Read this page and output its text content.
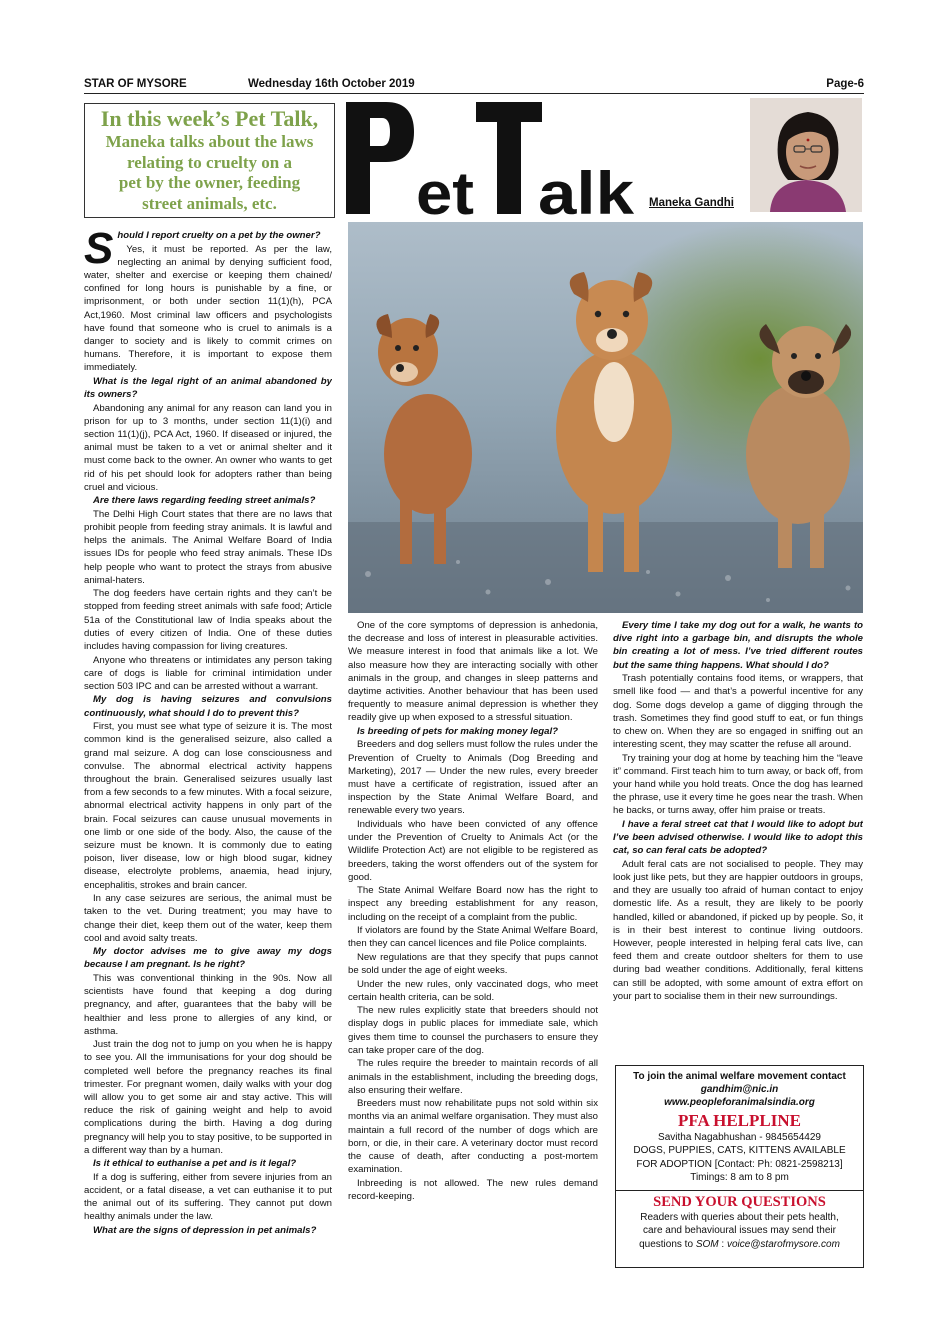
STAR OF MYSORE	Wednesday 16th October 2019	Page-6
In this week’s Pet Talk,
Maneka talks about the laws
relating to cruelty on a
pet by the owner, feeding
street animals, etc.	et alk Maneka Gandhi

Should I report cruelty on a pet by the owner?

Yes, it must be reported. As per the law, neglecting an animal by denying sufficient food, water, shelter and exercise or keeping them chained/ confined for long hours is punishable by a fine, or imprisonment, or both under section 11(1)(h), PCA Act,1960. Most criminal law officers and psychologists have found that someone who is cruel to animals is a danger to society and is likely to commit crimes on humans. Therefore, it is important to expose them immediately.

What is the legal right of an animal abandoned by its owners?

Abandoning any animal for any reason can land you in prison for up to 3 months, under section 11(1)(i) and section 11(1)(j), PCA Act, 1960. If diseased or injured, the animal must be taken to a vet or animal shelter and it must come back to the owner. An owner who wants to get rid of his pet should look for adopters rather than being cruel and vicious.

Are there laws regarding feeding street animals?

The Delhi High Court states that there are no laws that prohibit people from feeding stray animals. It is lawful and helps the animals. The Animal Welfare Board of India issues IDs for people who feed stray animals. These IDs help people who want to protect the strays from abusive animal-haters.

The dog feeders have certain rights and they can’t be stopped from feeding street animals with safe food; Article 51a of the Constitutional law of India speaks about the duties of every citizen of India. One of these duties includes having compassion for living creatures.

Anyone who threatens or intimidates any person taking care of dogs is liable for criminal intimidation under section 503 IPC and can be arrested without a warrant.

My dog is having seizures and convulsions continuously, what should I do to prevent this?

First, you must see what type of seizure it is. The most common kind is the generalised seizure, also called a grand mal seizure. A dog can lose consciousness and convulse. The abnormal electrical activity happens throughout the brain. Generalised seizures usually last from a few seconds to a few minutes. With a focal seizure, abnormal electrical activity happens in only part of the brain. Focal seizures can cause unusual movements in one limb or one side of the body. Also, the cause of the seizure must be known. It is commonly due to eating poison, liver disease, low or high blood sugar, kidney disease, electrolyte problems, anaemia, head injury, encephalitis, strokes and brain cancer.

In any case seizures are serious, the animal must be taken to the vet. During treatment; you may have to change their diet, keep them out of the water, keep them cool and avoid salty treats.

My doctor advises me to give away my dogs because I am pregnant. Is he right?

This was conventional thinking in the 90s. Now all scientists have found that keeping a dog during pregnancy, and after, guarantees that the baby will be healthier and less prone to allergies of any kind, or asthma.

Just train the dog not to jump on you when he is happy to see you. All the immunisations for your dog should be completed well before the pregnancy reaches its final trimester. For pregnant women, daily walks with your dog will allow you to get some air and stay active. This will reduce the risk of gaining weight and help to avoid complications during the birth. Having a dog during pregnancy will help you to stay positive, to be supported in a different way than by a human.

Is it ethical to euthanise a pet and is it legal?

If a dog is suffering, either from severe injuries from an accident, or a fatal disease, a vet can euthanise it to put the animal out of its suffering. They cannot put down healthy animals under the law.

What are the signs of depression in pet animals?

One of the core symptoms of depression is anhedonia, the decrease and loss of interest in pleasurable activities. We measure interest in food that animals like a lot. We also measure how they are interacting socially with other animals in the group, and changes in sleep patterns and daytime activities. Another behaviour that has been used frequently to measure animal depression is whether they readily give up when exposed to a stressful situation.

Is breeding of pets for making money legal?

Breeders and dog sellers must follow the rules under the Prevention of Cruelty to Animals (Dog Breeding and Marketing), 2017 — Under the new rules, every breeder must have a certificate of registration, issued after an inspection by the State Animal Welfare Board, and renewable every two years.

Individuals who have been convicted of any offence under the Prevention of Cruelty to Animals Act (or the Wildlife Protection Act) are not eligible to be registered as breeders, taking the worst offenders out of the system for good.

The State Animal Welfare Board now has the right to inspect any breeding establishment for any reason, including on the receipt of a complaint from the public.

If violators are found by the State Animal Welfare Board, then they can cancel licences and file Police complaints.

New regulations are that they specify that pups cannot be sold under the age of eight weeks.

Under the new rules, only vaccinated dogs, who meet certain health criteria, can be sold.

The new rules explicitly state that breeders should not display dogs in public places for immediate sale, which gives them time to counsel the purchasers to ensure they can take proper care of the dog.

The rules require the breeder to maintain records of all animals in the establishment, including the breeding dogs, also ensuring their welfare.

Breeders must now rehabilitate pups not sold within six months via an animal welfare organisation. They must also maintain a full record of the number of dogs which are born, or die, in their care. A veterinary doctor must record the cause of death, after conducting a post-mortem examination.

Inbreeding is not allowed. The new rules demand record-keeping.

Every time I take my dog out for a walk, he wants to dive right into a garbage bin, and disrupts the whole bin creating a lot of mess. I’ve tried different routes but the same thing happens. What should I do?

Trash potentially contains food items, or wrappers, that smell like food — and that’s a powerful incentive for any dog. Some dogs develop a game of digging through the trash. Sometimes they find good stuff to eat, or fun things to chew on. When they are so engaged in sniffing out an interesting scent, they may scatter the refuse all around.

Try training your dog at home by teaching him the “leave it” command. First teach him to turn away, or back off, from your hand while you hold treats. Once the dog has learned the phrase, use it every time he goes near the trash. When he backs, or turns away, offer him praise or treats.

I have a feral street cat that I would like to adopt but I’ve been advised otherwise. I would like to adopt this cat, so can feral cats be adopted?

Adult feral cats are not socialised to people. They may look just like pets, but they are happier outdoors in groups, and they are usually too afraid of human contact to enjoy domestic life. As a result, they are likely to be poorly handled, killed or abandoned, if picked up by people. So, it is in their best interest to continue living outdoors. However, people interested in helping feral cats live, can feed them and create outdoor shelters for them to use during bad weather conditions. Additionally, feral kittens can still be adopted, with some amount of extra effort on your part to socialise them in their new surroundings.

To join the animal welfare movement contact
gandhim@nic.in
www.peopleforanimalsindia.org
PFA HELPLINE
Savitha Nagabhushan - 9845654429
DOGS, PUPPIES, CATS, KITTENS AVAILABLE
FOR ADOPTION [Contact: Ph: 0821-2598213]
Timings: 8 am to 8 pm
SEND YOUR QUESTIONS
Readers with queries about their pets health,
care and behavioural issues may send their
questions to SOM : voice@starofmysore.com
